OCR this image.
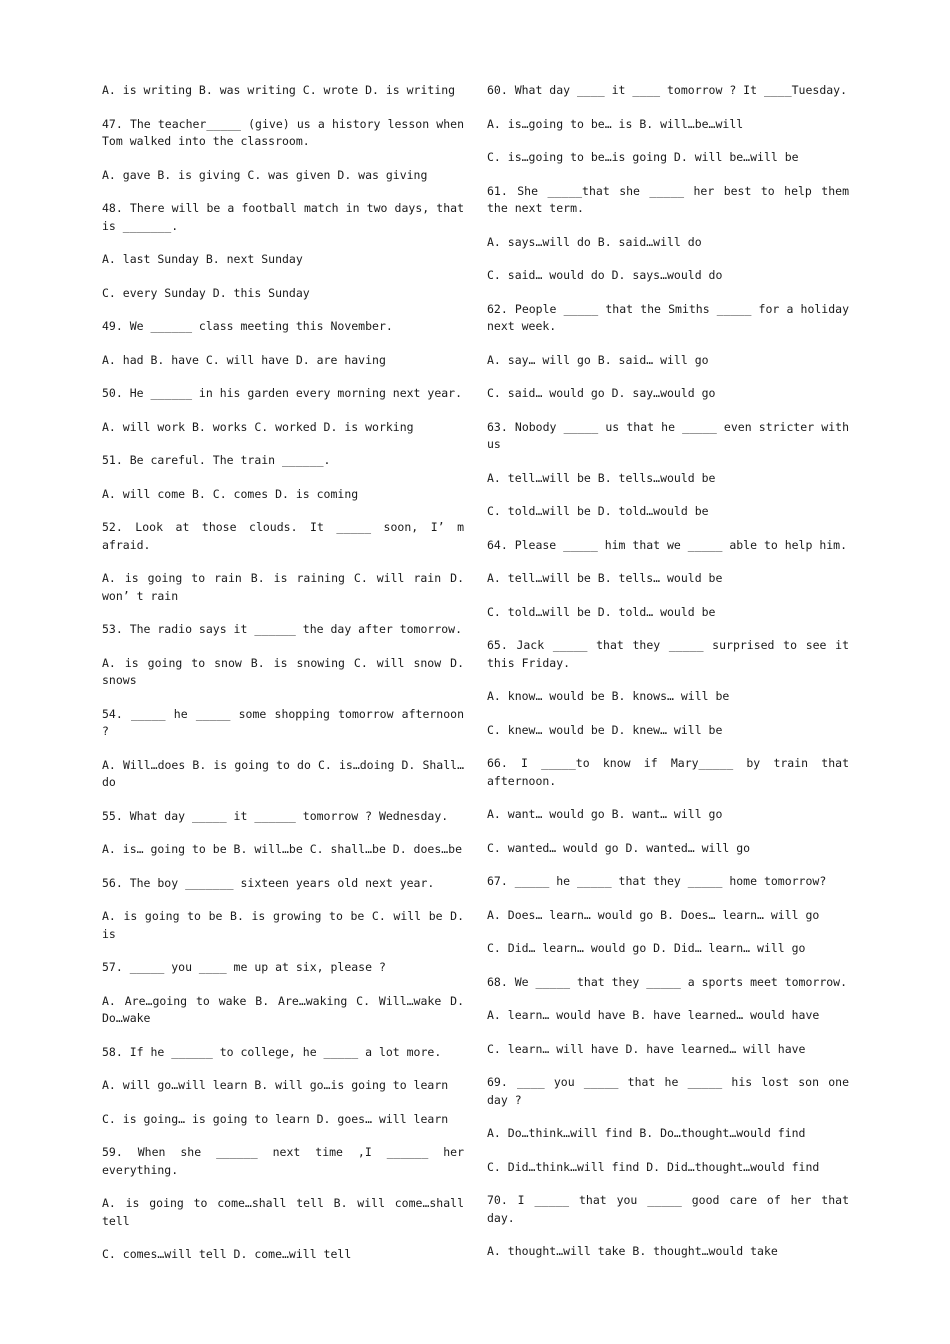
A. is writing B. was writing C. wrote D. is writing

47. The teacher_____ (give) us a history lesson when Tom walked into the classroom.

A. gave B. is giving C. was given D. was giving

48. There will be a football match in two days, that is _______.

A. last Sunday B. next Sunday

C. every Sunday D. this Sunday

49. We ______ class meeting this November.

A. had B. have C. will have D. are having

50. He ______ in his garden every morning next year.

A. will work B. works C. worked D. is working

51. Be careful. The train ______.

A. will come B. C. comes D. is coming

52. Look at those clouds. It _____ soon, I’ m afraid.

A. is going to rain B. is raining C. will rain D. won’ t rain

53. The radio says it ______ the day after tomorrow.

A. is going to snow B. is snowing C. will snow D. snows

54. _____ he _____ some shopping tomorrow afternoon ?

A. Will…does B. is going to do C. is…doing D. Shall… do

55. What day _____ it ______ tomorrow ? Wednesday.

A. is… going to be B. will…be C. shall…be D. does…be

56. The boy _______ sixteen years old next year.

A. is going to be B. is growing to be C. will be D. is

57. _____ you ____ me up at six, please ?

A. Are…going to wake B. Are…waking C. Will…wake D. Do…wake

58. If he ______ to college, he _____ a lot more.

A. will go…will learn B. will go…is going to learn

C. is going… is going to learn D. goes… will learn

59. When she ______ next time ,I ______ her everything.

A. is going to come…shall tell B. will come…shall tell

C. comes…will tell D. come…will tell

60. What day ____ it ____ tomorrow ? It ____Tuesday.

A. is…going to be… is B. will…be…will

C. is…going to be…is going D. will be…will be

61. She _____that she _____ her best to help them the next term.

A. says…will do B. said…will do

C. said… would do D. says…would do

62. People _____ that the Smiths _____ for a holiday next week.

A. say… will go B. said… will go

C. said… would go D. say…would go

63. Nobody _____ us that he _____ even stricter with us

A. tell…will be B. tells…would be

C. told…will be D. told…would be

64. Please _____ him that we _____ able to help him.

A. tell…will be B. tells… would be

C. told…will be D. told… would be

65. Jack _____ that they _____ surprised to see it this Friday.

A. know… would be B. knows… will be

C. knew… would be D. knew… will be

66. I _____to know if Mary_____ by train that afternoon.

A. want… would go B. want… will go

C. wanted… would go D. wanted… will go

67. _____ he _____ that they _____ home tomorrow?

A. Does… learn… would go B. Does… learn… will go

C. Did… learn… would go D. Did… learn… will go

68. We _____ that they _____ a sports meet tomorrow.

A. learn… would have B. have learned… would have

C. learn… will have D. have learned… will have

69. ____ you _____ that he _____ his lost son one day ?

A. Do…think…will find B. Do…thought…would find

C. Did…think…will find D. Did…thought…would find

70. I _____ that you _____ good care of her that day.

A. thought…will take B. thought…would take
